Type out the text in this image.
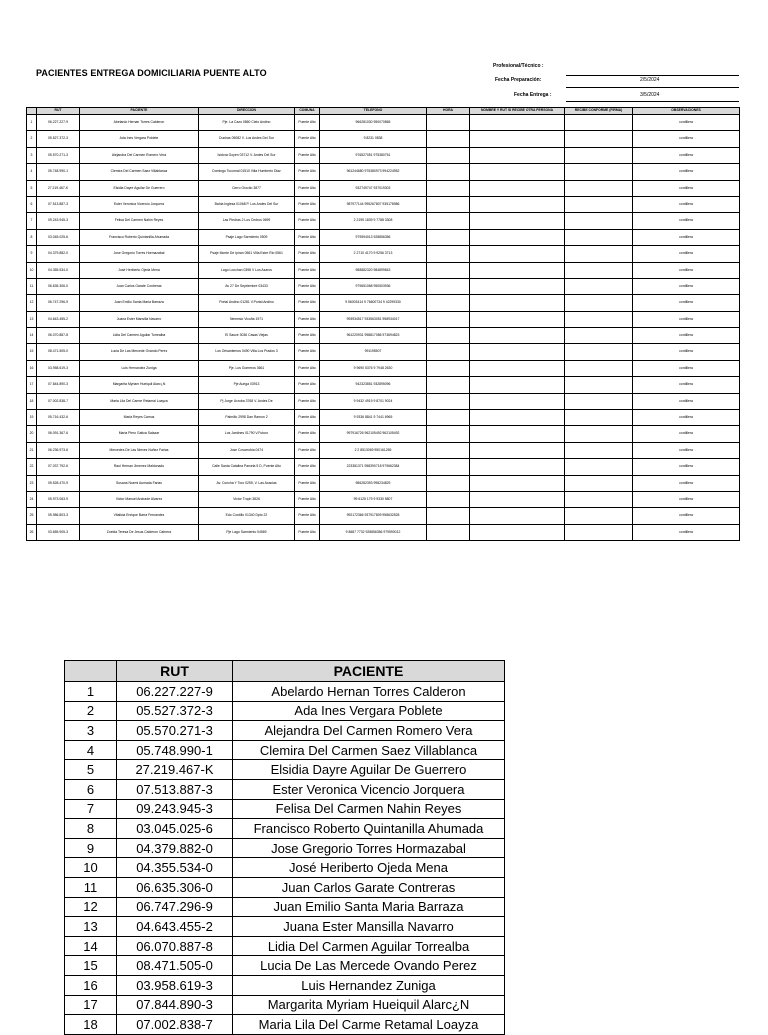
PACIENTES ENTREGA DOMICILIARIA PUENTE ALTO
Profesional/Técnico :
Fecha Preparación:	2/5/2024
Fecha Entrega :	3/5/2024
	RUT	PACIENTE	DIRECCION	COMUNA	TELEFONO	HORA	NOMBRE Y RUT SI RECIBE OTRA PERSONA	RECIBE CONFORME (FIRMA)	OBSERVACIONES
1	06.227.227-9	Abelardo Hernan Torres Calderon	Pje. La Cazo 0860 Cielo Andino	Puente Alto	966281030 950070865				cordillera
2	05.527.372-3	Ada Ines Vergara Poblete	Duchas 05082 V. Los Andes Del Sur	Puente Alto	9 8231 0838				cordillera
3	05.570.271-3	Alejandra Del Carmen Romero Vera	Isidora Goyen 03712 V. Andes Del Sur	Puente Alto	976527051 975380751				cordillera
4	05.748.990-1	Clemira Del Carmen Saez Villablanca	Domingo Tocornal 01510 Villa Humberto Diaz	Puente Alto	961244680 975380973 994224952				cordillera
5	27.219.467-K	Elsidia Dayre Aguilar De Guerrero	Cerro Orocito 3877	Puente Alto	932749747 937019303				cordillera
6	07.513.887-3	Ester Veronica Vicencio Jorquera	Bahia Inglesa 01068 P. Los Andes Del Sur	Puente Alto	987977144 995267807 935178986				cordillera
7	09.243.945-3	Felisa Del Carmen Nahin Reyes	Las Piedras 2 Los Cedros 0699	Puente Alto	2 2195 1839 9 7788 3308				cordillera
8	03.045.025-6	Francisco Roberto Quintanilla Ahumada	Psaje Lago Sarmiento 0509	Puente Alto	979594013 928856356				cordillera
9	04.379.882-0	Jose Gregorio Torres Hormazabal	Psaje Monte De Ipiran 0561 Villa Estre Rio 0561	Puente Alto	2 2710 4170 9 9256 3713				cordillera
10	04.355.534-0	José Heriberto Ojeda Mena	Lago Lonchan 0398 V Los Azaros	Puente Alto	988882320 984899843				cordillera
11	06.635.306-0	Juan Carlos Garate Contreras	Av 27 De Septiembre 03433	Puente Alto	979651068 950503936				cordillera
12	06.747.296-9	Juan Emilio Santa Maria Barraza	Portal Andino 01281 V.Portal Andino	Puente Alto	9 56003414 9 76600734 9 42299330				cordillera
13	04.643.455-2	Juana Ester Mansilla Navarro	Nemesio Vicuña 1971	Puente Alto	993934517 933563051 958934017				cordillera
14	06.070.887-8	Lidia Del Carmen Aguilar Torrealba	El Sauce 3036 Casas Viejas	Puente Alto	961220931 998817086 973694823				cordillera
15	08.471.505-0	Lucia De Las Mercede Ovando Perez	Los Orisantemos 0490 Villa Los Prados 3	Puente Alto	991195507				cordillera
16	03.958.619-3	Luis Hernandez Zuniga	Pje. Los Gomeros 3661	Puente Alto	9 9690 5376 9 7948 2630				cordillera
17	07.844.890-3	Margarita Myriam Hueiquil Alarc¿N	Pje Auriga 03913	Puente Alto	942323851 932895096				cordillera
18	07.002.838-7	Maria Lila Del Carme Retamal Loayza	Pj Jorge Urzuba 3768 V. Andes De	Puente Alto	9 9432 4919 9 8701 9024				cordillera
19	05.716.432-6	Maria Reyes Camus	Palmillo 2998 Dan Ramon 2	Puente Alto	9 9336 8841 9 7441 6965				cordillera
20	06.091.367-6	Maria Piero Gatica Salazar	Los Jardines 01790 V.Futuro	Puente Alto	997916726 962105492 962105492				cordillera
21	06.236.973-6	Mercedes De Las Nieves Nuñez Farias	Jose Covarrubia 0474	Puente Alto	2 2 8513069 950161265				cordillera
22	07.037.792-6	Raul Hernan Jimenez Maldonado	Calle Santa Catalina Parcela 5 D, Puente Alto	Puente Alto	223381371 958390718 979662384				cordillera
23	05.528.470-9	Susana Noemi Aumada Farias	Av. Concha Y Toro 0255, V. Las Acacias	Puente Alto	986282393 998234829				cordillera
24	05.973.063-9	Victor Manuel Andrade Alvarez	Victor Troph 3826	Puente Alto	99 6125 179 9 9330 5807				cordillera
25	05.986.803-3	Vitalicia Enrique Barra Fernandez	Edo Cordillo 01340 Dpto 22	Puente Alto	992172366 937917809 958632528				cordillera
26	03.655.905-3	Zoelda Teresa De Jesus Calderon Cabrera	Pje Lago Sarmiento 04569	Puente Alto	9 8687 7732 928856356 979590012				cordillera
	RUT	PACIENTE
1	06.227.227-9	Abelardo Hernan Torres Calderon
2	05.527.372-3	Ada Ines Vergara Poblete
3	05.570.271-3	Alejandra Del Carmen Romero Vera
4	05.748.990-1	Clemira Del Carmen Saez Villablanca
5	27.219.467-K	Elsidia Dayre Aguilar De Guerrero
6	07.513.887-3	Ester Veronica Vicencio Jorquera
7	09.243.945-3	Felisa Del Carmen Nahin Reyes
8	03.045.025-6	Francisco Roberto Quintanilla Ahumada
9	04.379.882-0	Jose Gregorio Torres Hormazabal
10	04.355.534-0	José Heriberto Ojeda Mena
11	06.635.306-0	Juan Carlos Garate Contreras
12	06.747.296-9	Juan Emilio Santa Maria Barraza
13	04.643.455-2	Juana Ester Mansilla Navarro
14	06.070.887-8	Lidia Del Carmen Aguilar Torrealba
15	08.471.505-0	Lucia De Las Mercede Ovando Perez
16	03.958.619-3	Luis Hernandez Zuniga
17	07.844.890-3	Margarita Myriam Hueiquil Alarc¿N
18	07.002.838-7	Maria Lila Del Carme Retamal Loayza
